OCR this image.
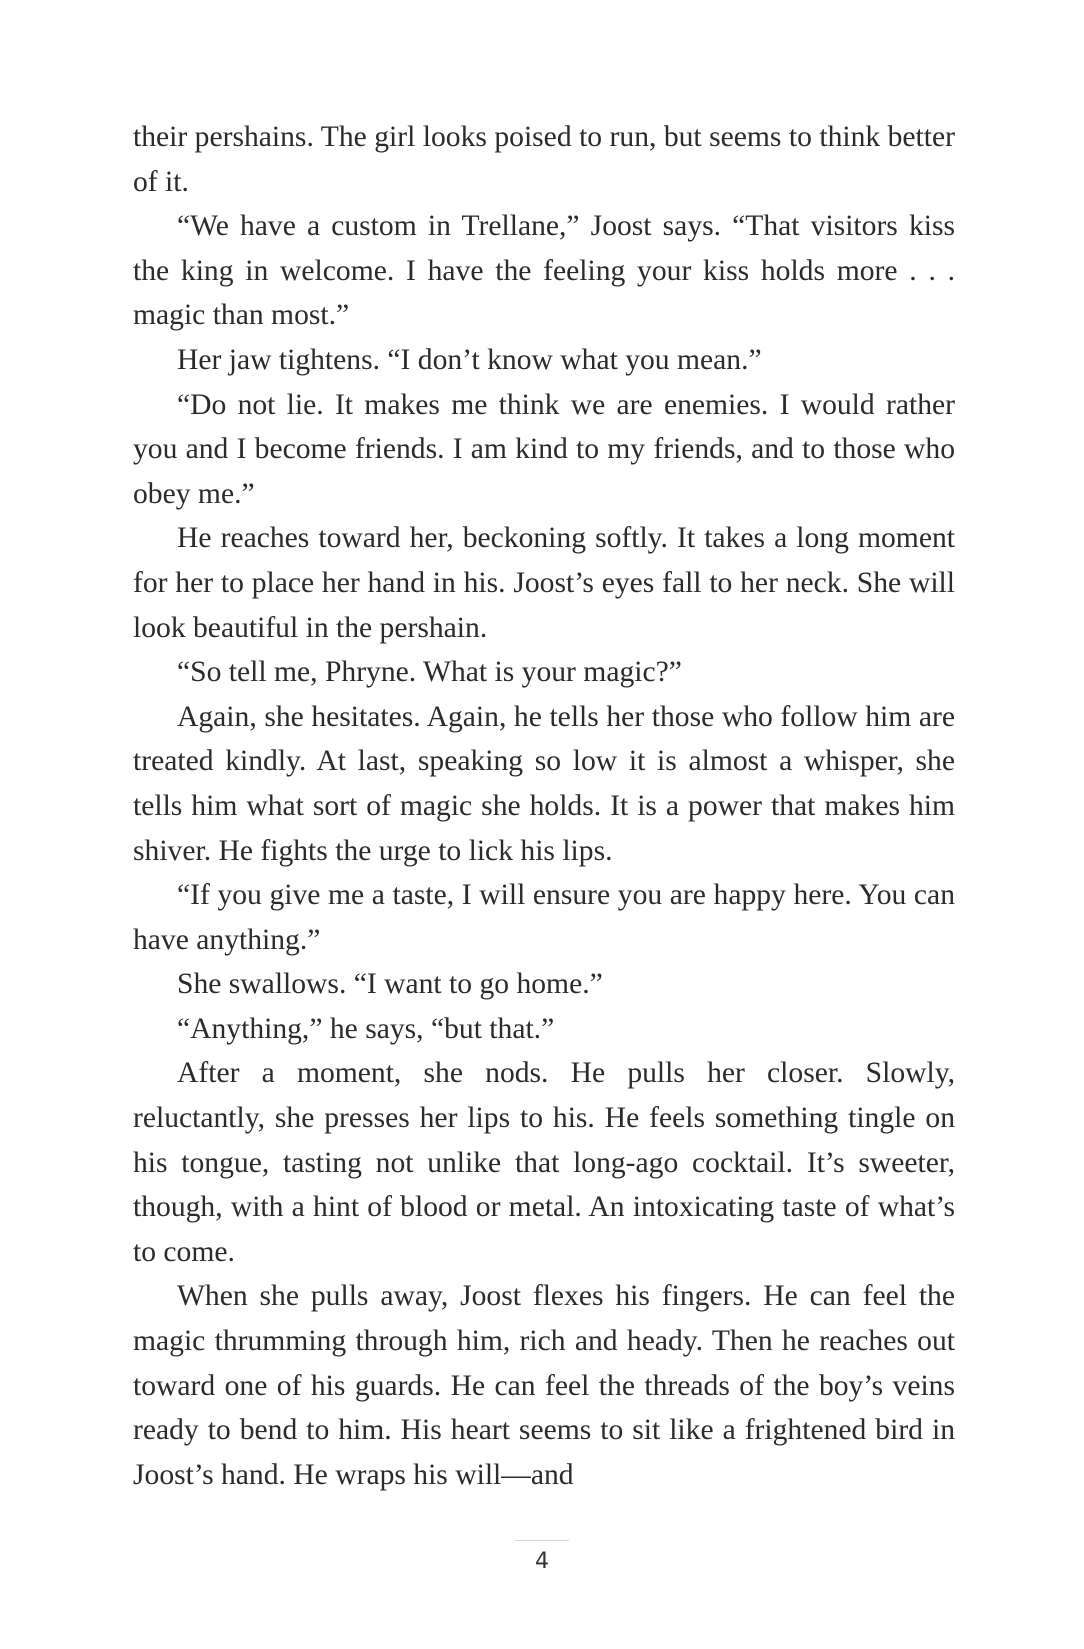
their pershains. The girl looks poised to run, but seems to think better of it.

“We have a custom in Trellane,” Joost says. “That visitors kiss the king in welcome. I have the feeling your kiss holds more . . . magic than most.”

Her jaw tightens. “I don’t know what you mean.”

“Do not lie. It makes me think we are enemies. I would rather you and I become friends. I am kind to my friends, and to those who obey me.”

He reaches toward her, beckoning softly. It takes a long moment for her to place her hand in his. Joost’s eyes fall to her neck. She will look beautiful in the pershain.

“So tell me, Phryne. What is your magic?”

Again, she hesitates. Again, he tells her those who follow him are treated kindly. At last, speaking so low it is almost a whisper, she tells him what sort of magic she holds. It is a power that makes him shiver. He fights the urge to lick his lips.

“If you give me a taste, I will ensure you are happy here. You can have anything.”

She swallows. “I want to go home.”

“Anything,” he says, “but that.”

After a moment, she nods. He pulls her closer. Slowly, reluctantly, she presses her lips to his. He feels something tingle on his tongue, tasting not unlike that long-ago cocktail. It’s sweeter, though, with a hint of blood or metal. An intoxicating taste of what’s to come.

When she pulls away, Joost flexes his fingers. He can feel the magic thrumming through him, rich and heady. Then he reaches out toward one of his guards. He can feel the threads of the boy’s veins ready to bend to him. His heart seems to sit like a frightened bird in Joost’s hand. He wraps his will—and

4
